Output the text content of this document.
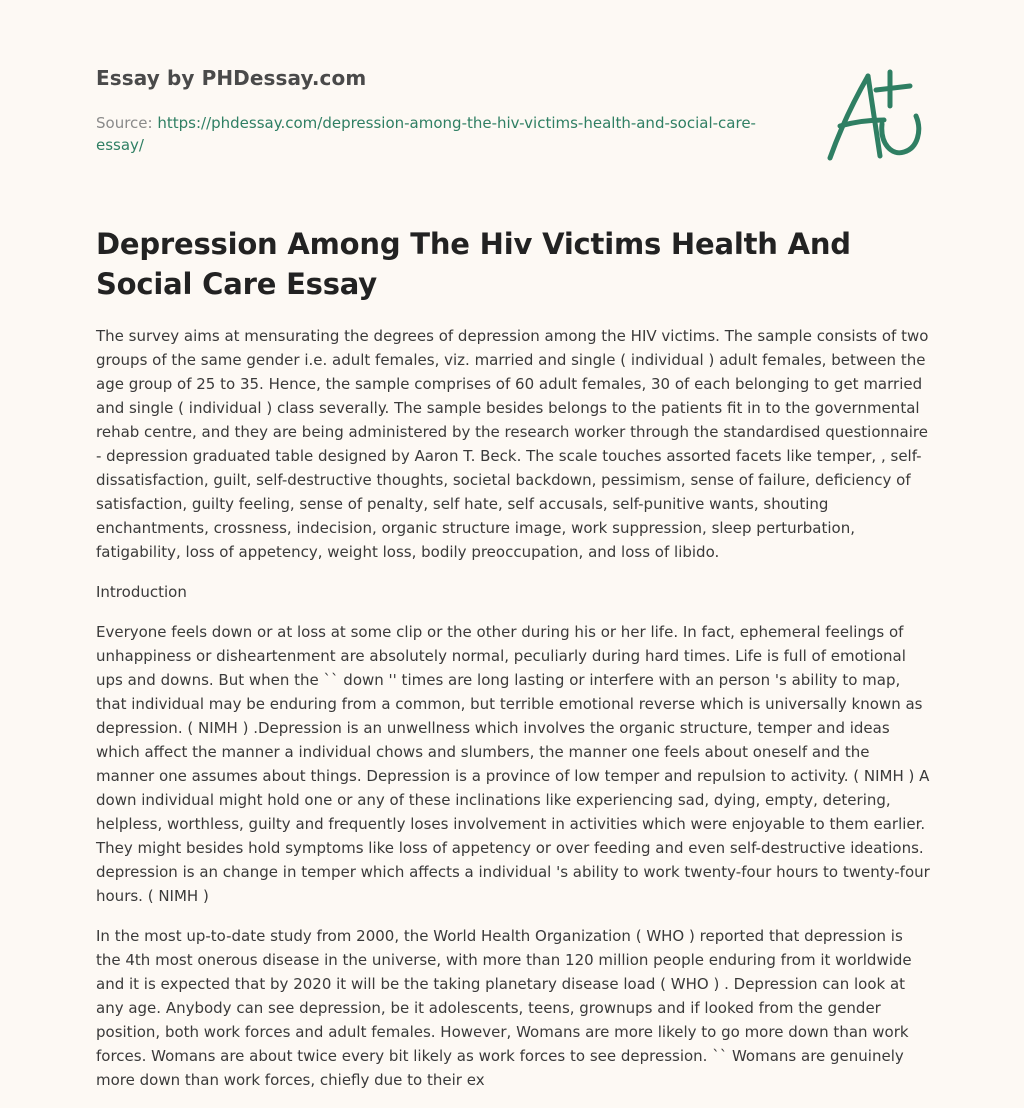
Essay by PHDessay.com
Source: https://phdessay.com/depression-among-the-hiv-victims-health-and-social-care-essay/
Depression Among The Hiv Victims Health And Social Care Essay

The survey aims at mensurating the degrees of depression among the HIV victims. The sample consists of two groups of the same gender i.e. adult females, viz. married and single ( individual ) adult females, between the age group of 25 to 35. Hence, the sample comprises of 60 adult females, 30 of each belonging to get married and single ( individual ) class severally. The sample besides belongs to the patients fit in to the governmental rehab centre, and they are being administered by the research worker through the standardised questionnaire - depression graduated table designed by Aaron T. Beck. The scale touches assorted facets like temper, , self-dissatisfaction, guilt, self-destructive thoughts, societal backdown, pessimism, sense of failure, deficiency of satisfaction, guilty feeling, sense of penalty, self hate, self accusals, self-punitive wants, shouting enchantments, crossness, indecision, organic structure image, work suppression, sleep perturbation, fatigability, loss of appetency, weight loss, bodily preoccupation, and loss of libido.

Introduction

Everyone feels down or at loss at some clip or the other during his or her life. In fact, ephemeral feelings of unhappiness or disheartenment are absolutely normal, peculiarly during hard times. Life is full of emotional ups and downs. But when the `` down '' times are long lasting or interfere with an person 's ability to map, that individual may be enduring from a common, but terrible emotional reverse which is universally known as depression. ( NIMH ) .Depression is an unwellness which involves the organic structure, temper and ideas which affect the manner a individual chows and slumbers, the manner one feels about oneself and the manner one assumes about things. Depression is a province of low temper and repulsion to activity. ( NIMH ) A down individual might hold one or any of these inclinations like experiencing sad, dying, empty, detering, helpless, worthless, guilty and frequently loses involvement in activities which were enjoyable to them earlier. They might besides hold symptoms like loss of appetency or over feeding and even self-destructive ideations. depression is an change in temper which affects a individual 's ability to work twenty-four hours to twenty-four hours. ( NIMH )

In the most up-to-date study from 2000, the World Health Organization ( WHO ) reported that depression is the 4th most onerous disease in the universe, with more than 120 million people enduring from it worldwide and it is expected that by 2020 it will be the taking planetary disease load ( WHO ) . Depression can look at any age. Anybody can see depression, be it adolescents, teens, grownups and if looked from the gender position, both work forces and adult females. However, Womans are more likely to go more down than work forces. Womans are about twice every bit likely as work forces to see depression. `` Womans are genuinely more down than work forces, chiefly due to their ex
